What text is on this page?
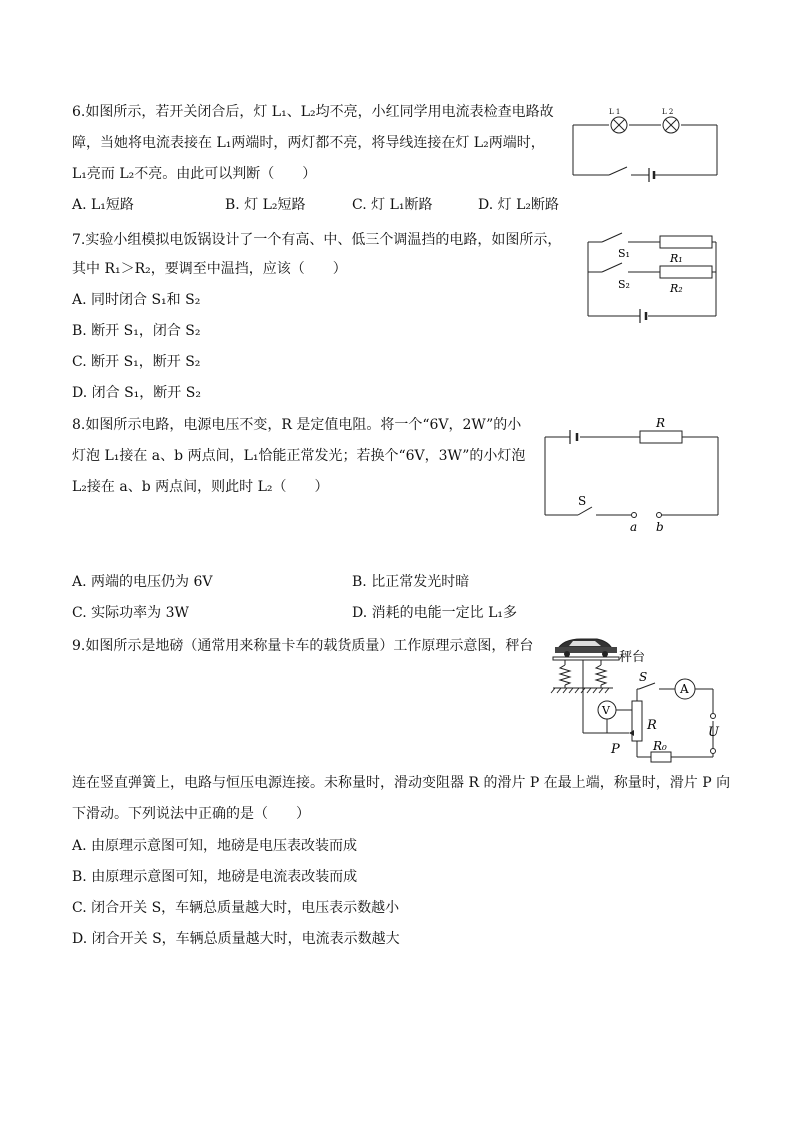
6.如图所示，若开关闭合后，灯 L₁、L₂均不亮，小红同学用电流表检查电路故
障，当她将电流表接在 L₁两端时，两灯都不亮，将导线连接在灯 L₂两端时，
L₁亮而 L₂不亮。由此可以判断（　　）
A. L₁短路	B. 灯 L₂短路	C. 灯 L₁断路	D. 灯 L₂断路
L 1	L 2
7.实验小组模拟电饭锅设计了一个有高、中、低三个调温挡的电路，如图所示，
其中 R₁＞R₂，要调至中温挡，应该（　　）
A. 同时闭合 S₁和 S₂
B. 断开 S₁，闭合 S₂
C. 断开 S₁，断开 S₂
D. 闭合 S₁，断开 S₂
S₁
S₂
R₁
R₂
8.如图所示电路，电源电压不变，R 是定值电阻。将一个“6V，2W”的小
灯泡 L₁接在 a、b 两点间，L₁恰能正常发光；若换个“6V，3W”的小灯泡
L₂接在 a、b 两点间，则此时 L₂（　　）
A. 两端的电压仍为 6V	B. 比正常发光时暗
C. 实际功率为 3W	D. 消耗的电能一定比 L₁多
R
S
a b
9.如图所示是地磅（通常用来称量卡车的载货质量）工作原理示意图，秤台
连在竖直弹簧上，电路与恒压电源连接。未称量时，滑动变阻器 R 的滑片 P 在最上端，称量时，滑片 P 向
下滑动。下列说法中正确的是（　　）
A. 由原理示意图可知，地磅是电压表改装而成
B. 由原理示意图可知，地磅是电流表改装而成
C. 闭合开关 S，车辆总质量越大时，电压表示数越小
D. 闭合开关 S，车辆总质量越大时，电流表示数越大
秤台
R
P
V
A
S
R₀
U
